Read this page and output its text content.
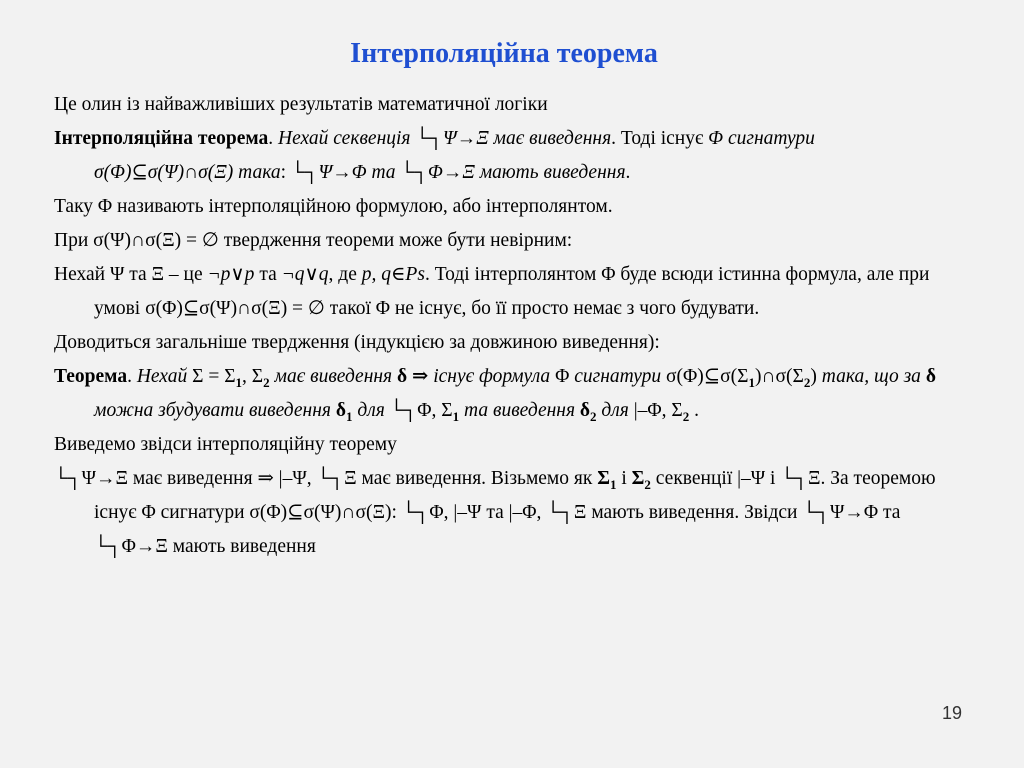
Інтерполяційна теорема

Це олин із найважливіших результатів математичної логіки

Інтерполяційна теорема. Нехай секвенція └┐Ψ→Ξ має виведення. Тоді існує Φ сигнатури σ(Φ)⊆σ(Ψ)∩σ(Ξ) така: └┐Ψ→Φ та └┐Φ→Ξ мають виведення.

Таку Φ називають інтерполяційною формулою, або інтерполянтом.

При σ(Ψ)∩σ(Ξ) = ∅ твердження теореми може бути невірним:

Нехай Ψ та Ξ – це ¬p∨p та ¬q∨q, де p, q∈Ps. Тоді інтерполянтом Φ буде всюди істинна формула, але при умові σ(Φ)⊆σ(Ψ)∩σ(Ξ) = ∅ такої Φ не існує, бо її просто немає з чого будувати.

Доводиться загальніше твердження (індукцією за довжиною виведення):

Теорема. Нехай $\Sigma = \Sigma_1$, $\Sigma_2$ має виведення δ ⇒ існує формула Φ сигнатури $\sigma(\Phi)⊆\sigma(\Sigma_1)\cap\sigma(\Sigma_2)$ така, що за δ можна збудувати виведення $\delta_1$ для └┐Φ, $\Sigma_1$ та виведення $\delta_2$ для |–Φ, $\Sigma_2$ .

Виведемо звідси інтерполяційну теорему

└┐Ψ→Ξ має виведення ⇒ |–Ψ, └┐Ξ має виведення. Візьмемо як $\Sigma_1$ і $\Sigma_2$ секвенції |–Ψ і └┐Ξ. За теоремою існує Φ сигнатури σ(Φ)⊆σ(Ψ)∩σ(Ξ): └┐Φ, |–Ψ та |–Φ, └┐Ξ мають виведення. Звідси └┐Ψ→Φ та └┐Φ→Ξ мають виведення

19
